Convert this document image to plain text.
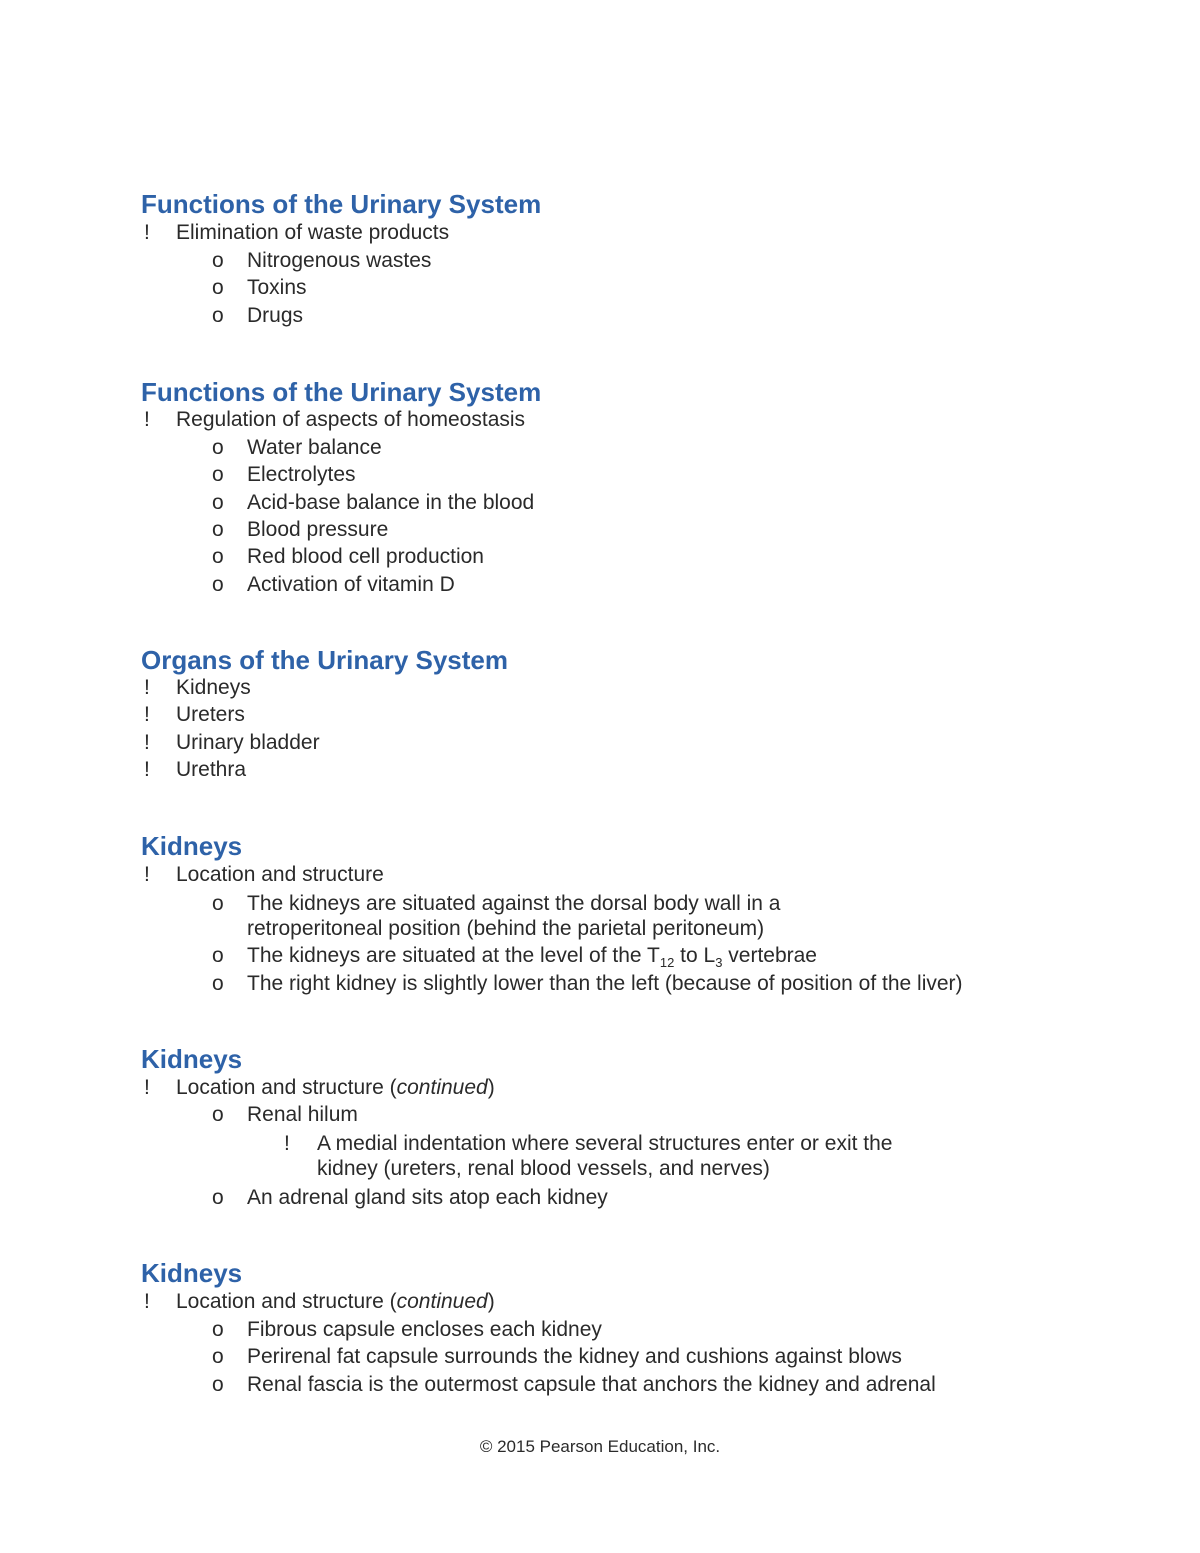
Functions of the Urinary System
! Elimination of waste products
o Nitrogenous wastes
o Toxins
o Drugs
Functions of the Urinary System
! Regulation of aspects of homeostasis
o Water balance
o Electrolytes
o Acid-base balance in the blood
o Blood pressure
o Red blood cell production
o Activation of vitamin D
Organs of the Urinary System
! Kidneys
! Ureters
! Urinary bladder
! Urethra
Kidneys
! Location and structure
o The kidneys are situated against the dorsal body wall in a
retroperitoneal position (behind the parietal peritoneum)
o The kidneys are situated at the level of the $T_{12}$ to $L_3$ vertebrae
o The right kidney is slightly lower than the left (because of position of the liver)
Kidneys
! Location and structure (continued)
o Renal hilum
! A medial indentation where several structures enter or exit the
kidney (ureters, renal blood vessels, and nerves)
o An adrenal gland sits atop each kidney
Kidneys
! Location and structure (continued)
o Fibrous capsule encloses each kidney
o Perirenal fat capsule surrounds the kidney and cushions against blows
o Renal fascia is the outermost capsule that anchors the kidney and adrenal
© 2015 Pearson Education, Inc.
